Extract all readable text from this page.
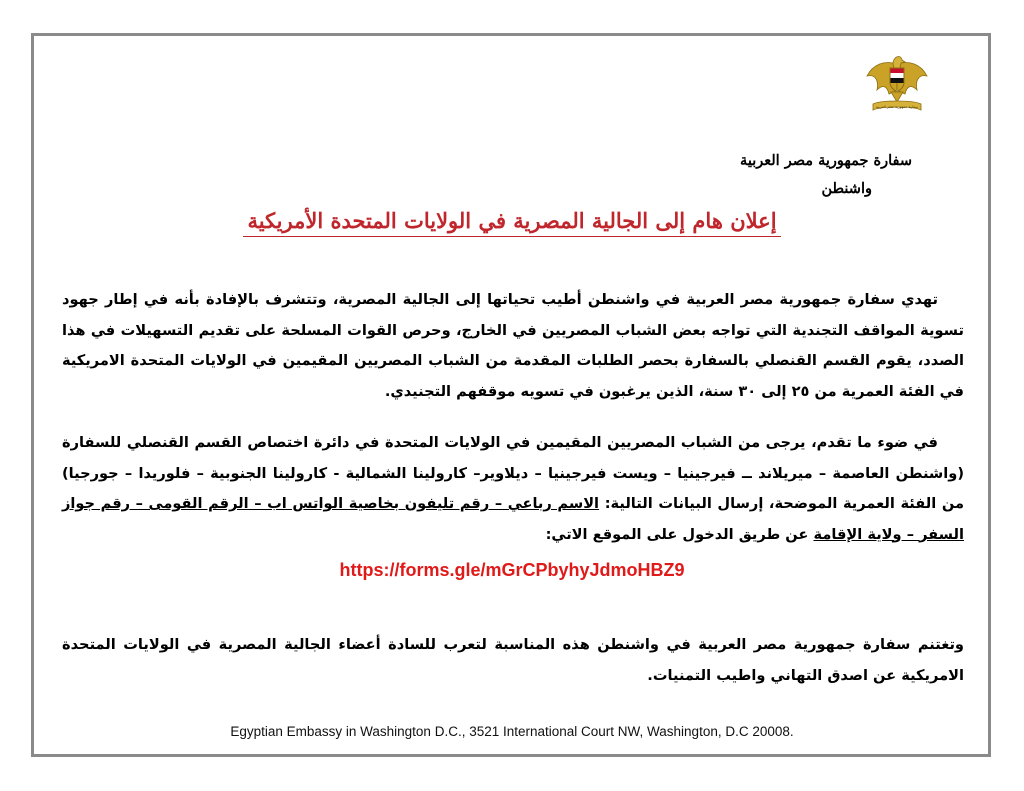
سفارة جمهورية مصر العربية
سفارة جمهورية مصر العربية
واشنطن
إعلان هام إلى الجالية المصرية في الولايات المتحدة الأمريكية
تهدي سفارة جمهورية مصر العربية في واشنطن أطيب تحياتها إلى الجالية المصرية، وتتشرف بالإفادة بأنه في إطار جهود تسوية المواقف التجندية التي تواجه بعض الشباب المصريين في الخارج، وحرص القوات المسلحة على تقديم التسهيلات في هذا الصدد، يقوم القسم القنصلي بالسفارة بحصر الطلبات المقدمة من الشباب المصريين المقيمين في الولايات المتحدة الامريكية في الفئة العمرية من ٢٥ إلى ٣٠ سنة، الذين يرغبون في تسويه موقفهم التجنيدي.
في ضوء ما تقدم، يرجى من الشباب المصريين المقيمين في الولايات المتحدة في دائرة اختصاص القسم القنصلي للسفارة (واشنطن العاصمة – ميريلاند ــ فيرجينيا – ويست فيرجينيا – ديلاوير– كارولينا الشمالية - كارولينا الجنوبية – فلوريدا – جورجيا) من الفئة العمرية الموضحة، إرسال البيانات التالية: الاسم رباعي – رقم تليفون بخاصية الواتس اب – الرقم القومى – رقم جواز السفر – ولاية الإقامة عن طريق الدخول على الموقع الاتي:
https://forms.gle/mGrCPbyhyJdmoHBZ9
وتغتنم سفارة جمهورية مصر العربية في واشنطن هذه المناسبة لتعرب للسادة أعضاء الجالية المصرية في الولايات المتحدة الامريكية عن اصدق التهاني واطيب التمنيات.
Egyptian Embassy in Washington D.C., 3521 International Court NW, Washington, D.C 20008.
